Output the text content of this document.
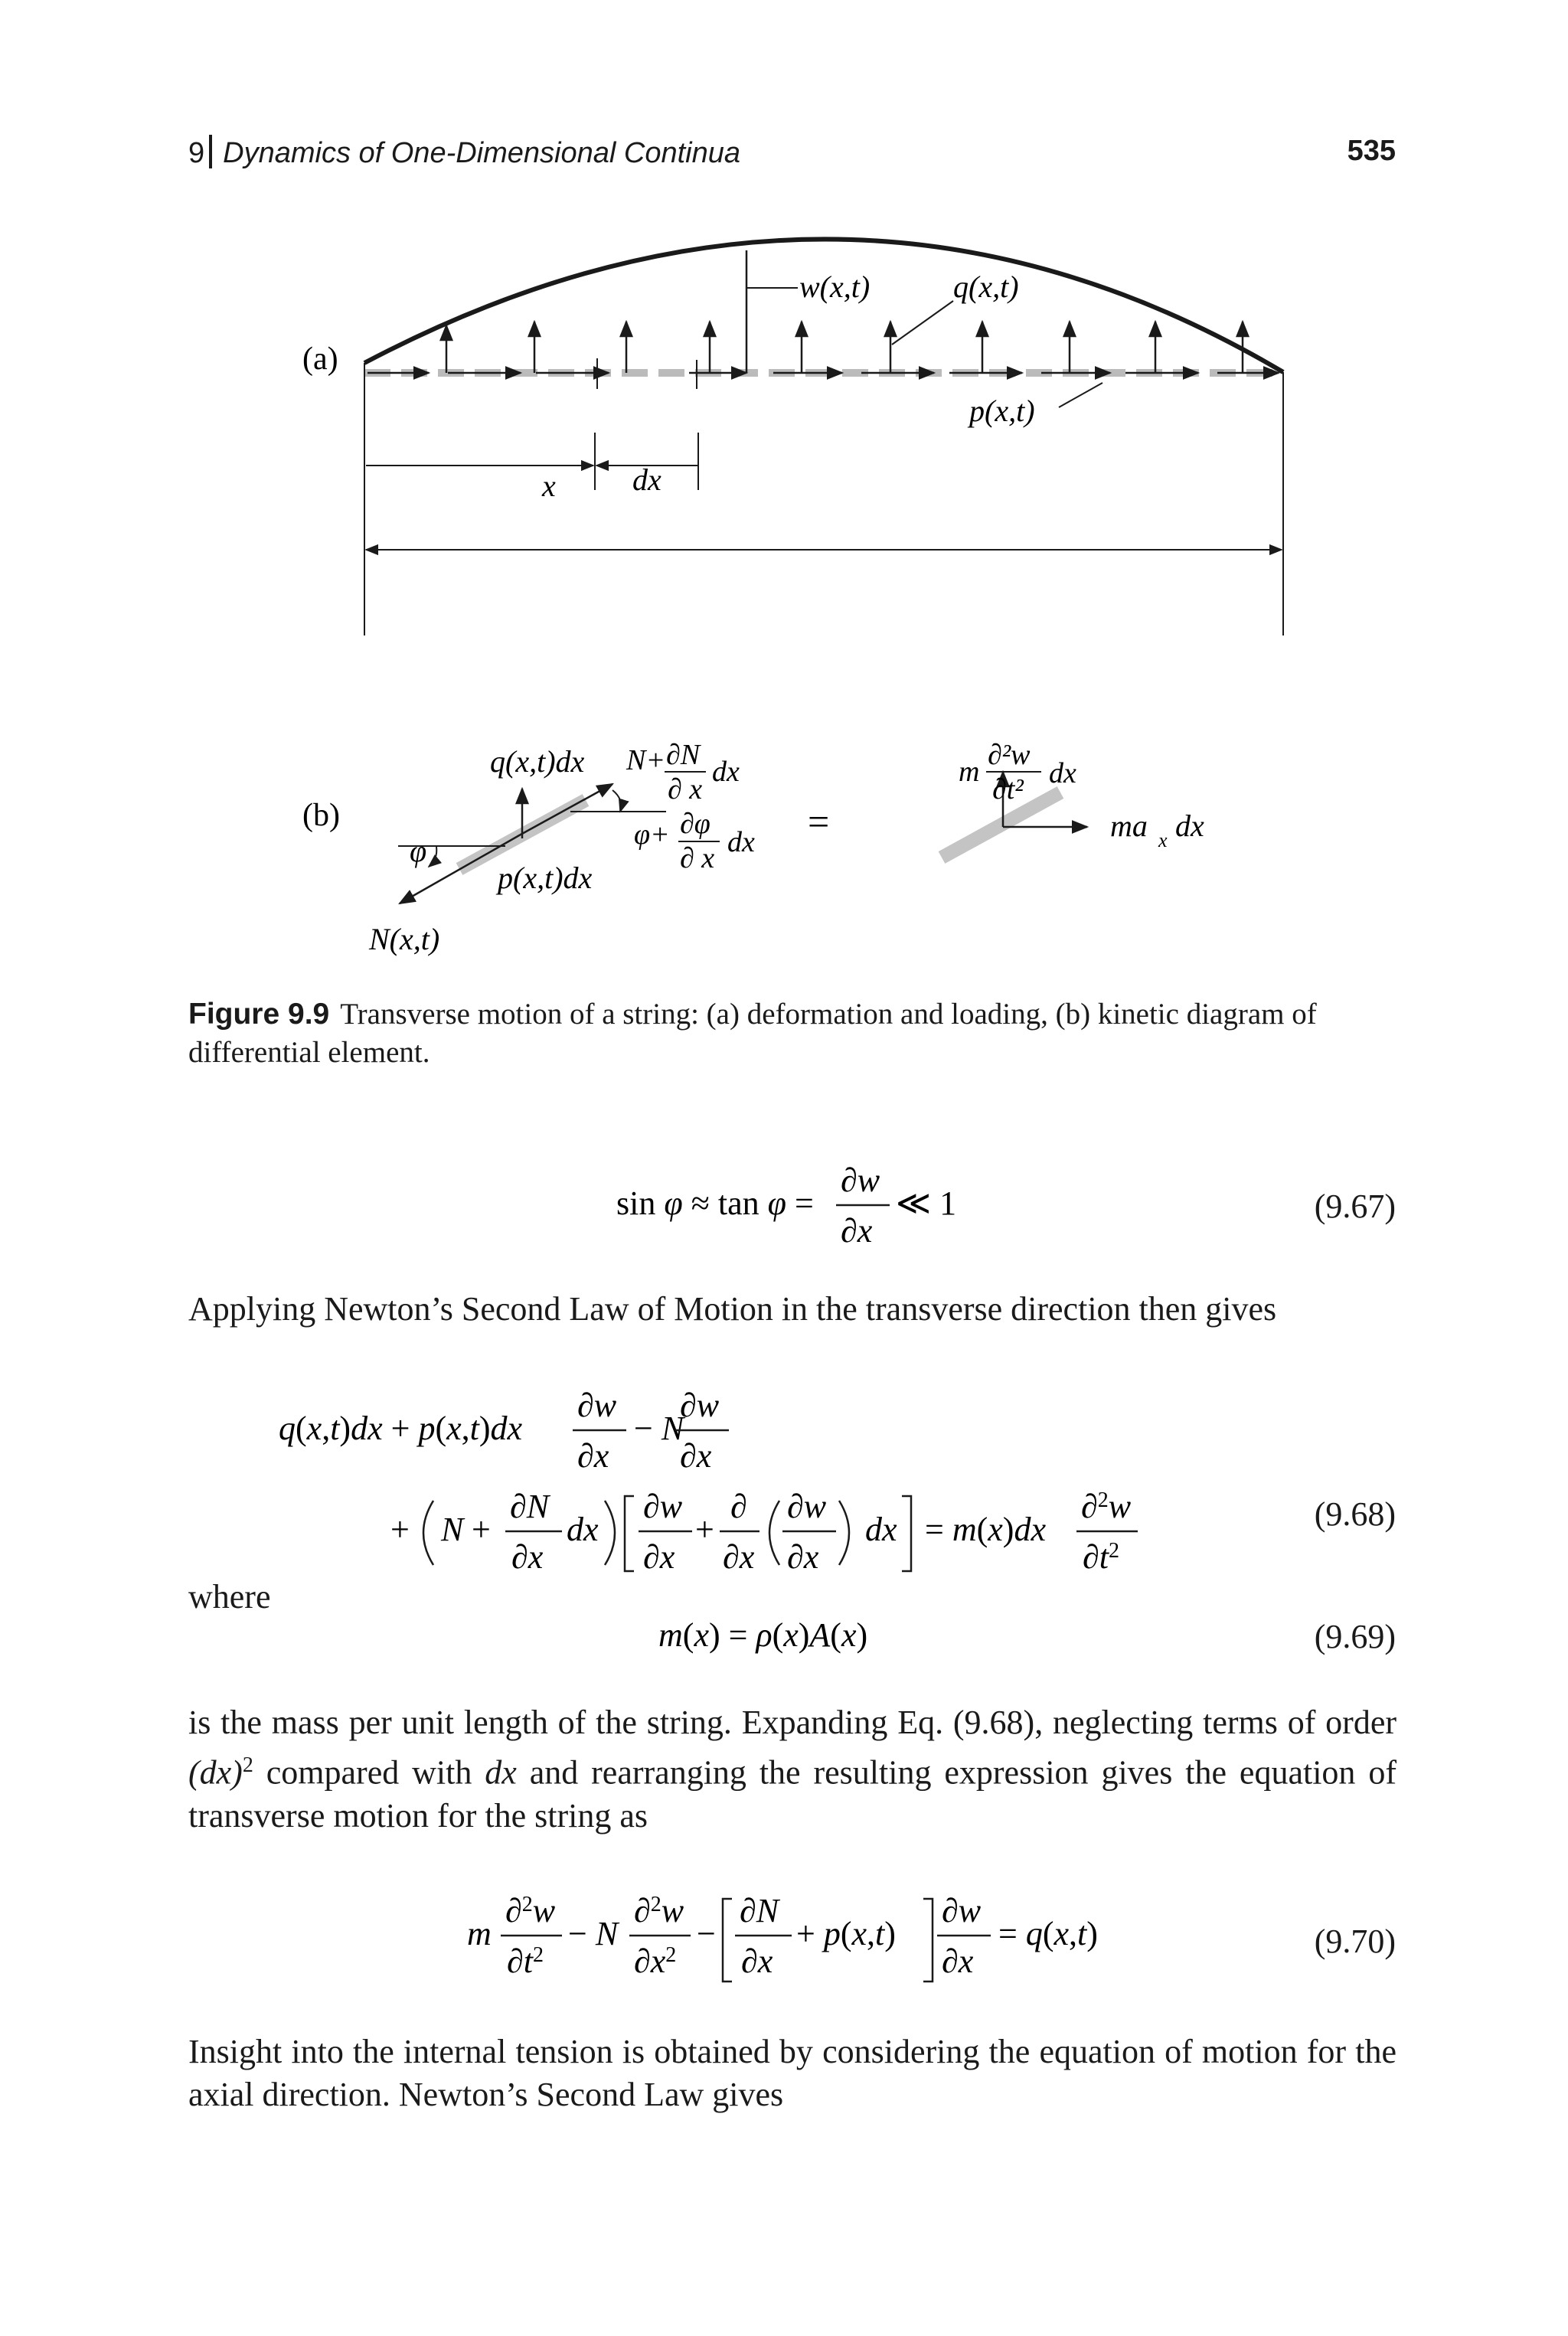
9 Dynamics of One-Dimensional Continua	535
(a)
w(x,t)	q(x,t)
p(x,t)
x	dx
(b)
q(x,t)dx
p(x,t)dx
N(x,t)
φ
N+ ∂N
∂ x
dx
φ+ ∂φ
∂ x dx =
m
∂²w
∂t² dx
ma x dx
Figure 9.9 Transverse motion of a string: (a) deformation and loading, (b) kinetic diagram of differential element.
sin φ ≈ tan φ =
∂w
∂x
≪ 1	(9.67)
Applying Newton’s Second Law of Motion in the transverse direction then gives
q(x,t)dx + p(x,t)dx
∂w
∂x
− N
∂w
∂x
+ N +
∂N
∂x
dx
∂w
∂x
+
∂
∂x
∂w
∂x
dx = m(x)dx
∂$^2$w
$\partial t^2$
(9.68)
where
m(x) = ρ(x)A(x)	(9.69)
is the mass per unit length of the string. Expanding Eq. (9.68), neglecting terms of order (dx)$^2$ compared with dx and rearranging the resulting expression gives the equation of transverse motion for the string as
m
∂$^2$w
$\partial t^2$
− N
∂$^2$w
$\partial x^2$
−
∂N
∂x
+ p(x,t)
∂w
∂x
= q(x,t)	(9.70)
Insight into the internal tension is obtained by considering the equation of motion for the axial direction. Newton’s Second Law gives
